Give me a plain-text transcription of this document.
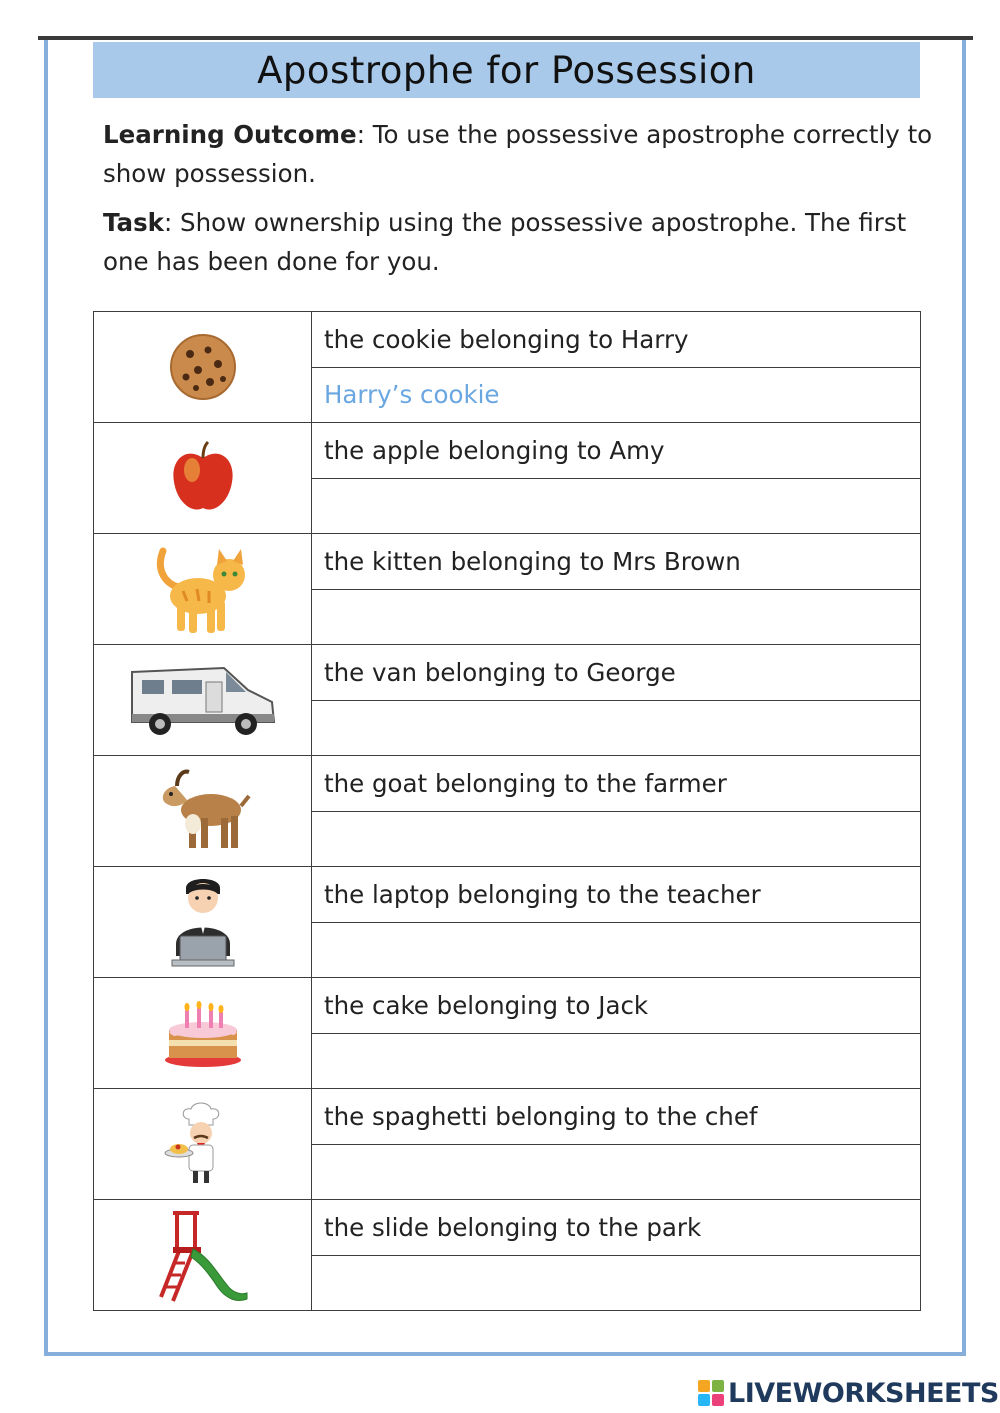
Apostrophe for Possession
Learning Outcome: To use the possessive apostrophe correctly to show possession.
Task: Show ownership using the possessive apostrophe. The first one has been done for you.
	the cookie belonging to Harry
	Harry’s cookie

	the apple belonging to Amy

	the kitten belonging to Mrs Brown

	the van belonging to George

	the goat belonging to the farmer

	the laptop belonging to the teacher

	the cake belonging to Jack

	the spaghetti belonging to the chef

	the slide belonging to the park

LIVEWORKSHEETS
